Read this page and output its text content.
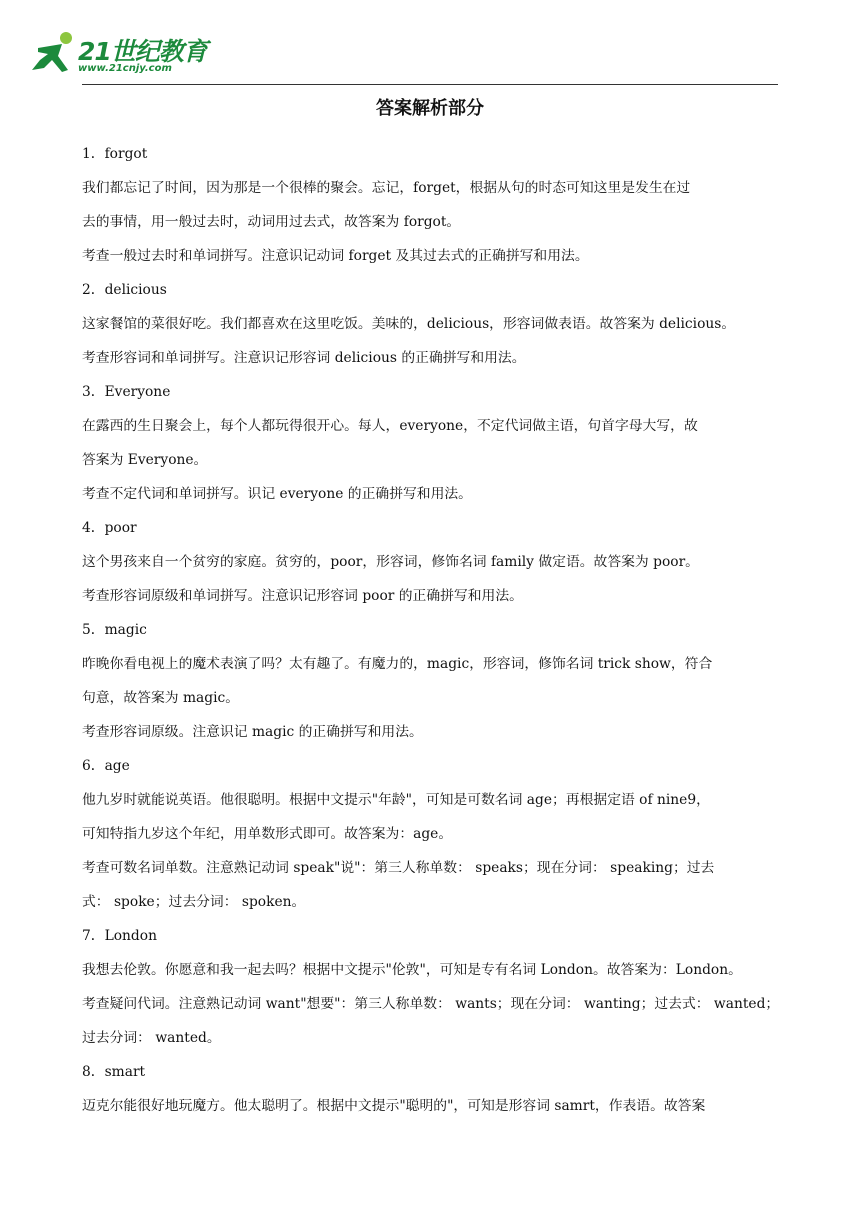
21世纪教育
www.21cnjy.com
答案解析部分
1．forgot
我们都忘记了时间，因为那是一个很棒的聚会。忘记，forget，根据从句的时态可知这里是发生在过
去的事情，用一般过去时，动词用过去式，故答案为 forgot。
考查一般过去时和单词拼写。注意识记动词 forget 及其过去式的正确拼写和用法。
2．delicious
这家餐馆的菜很好吃。我们都喜欢在这里吃饭。美味的，delicious，形容词做表语。故答案为 delicious。
考查形容词和单词拼写。注意识记形容词 delicious 的正确拼写和用法。
3．Everyone
在露西的生日聚会上，每个人都玩得很开心。每人，everyone，不定代词做主语，句首字母大写，故
答案为 Everyone。
考查不定代词和单词拼写。识记 everyone 的正确拼写和用法。
4．poor
这个男孩来自一个贫穷的家庭。贫穷的，poor，形容词，修饰名词 family 做定语。故答案为 poor。
考查形容词原级和单词拼写。注意识记形容词 poor 的正确拼写和用法。
5．magic
昨晚你看电视上的魔术表演了吗？太有趣了。有魔力的，magic，形容词，修饰名词 trick show，符合
句意，故答案为 magic。
考查形容词原级。注意识记 magic 的正确拼写和用法。
6．age
他九岁时就能说英语。他很聪明。根据中文提示"年龄"，可知是可数名词 age；再根据定语 of nine9，
可知特指九岁这个年纪，用单数形式即可。故答案为：age。
考查可数名词单数。注意熟记动词 speak"说"：第三人称单数： speaks；现在分词： speaking；过去
式： spoke；过去分词： spoken。
7．London
我想去伦敦。你愿意和我一起去吗？根据中文提示"伦敦"，可知是专有名词 London。故答案为：London。
考查疑问代词。注意熟记动词 want"想要"：第三人称单数： wants；现在分词： wanting；过去式： wanted；
过去分词： wanted。
8．smart
迈克尔能很好地玩魔方。他太聪明了。根据中文提示"聪明的"，可知是形容词 samrt，作表语。故答案
